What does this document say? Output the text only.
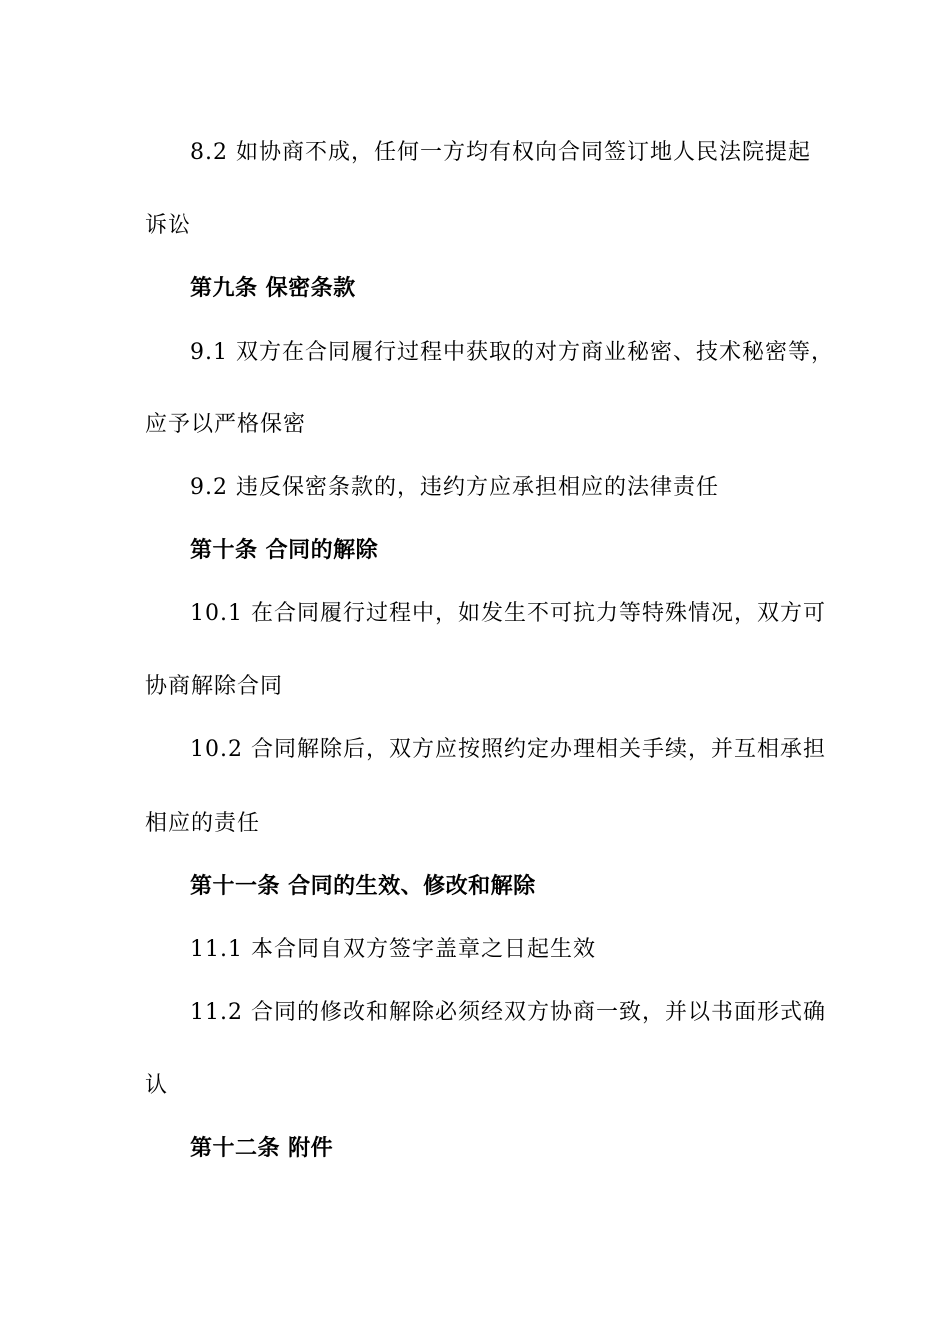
8.2 如协商不成，任何一方均有权向合同签订地人民法院提起
诉讼
第九条 保密条款
9.1 双方在合同履行过程中获取的对方商业秘密、技术秘密等，
应予以严格保密
9.2 违反保密条款的，违约方应承担相应的法律责任
第十条 合同的解除
10.1 在合同履行过程中，如发生不可抗力等特殊情况，双方可
协商解除合同
10.2 合同解除后，双方应按照约定办理相关手续，并互相承担
相应的责任
第十一条 合同的生效、修改和解除
11.1 本合同自双方签字盖章之日起生效
11.2 合同的修改和解除必须经双方协商一致，并以书面形式确
认
第十二条 附件
